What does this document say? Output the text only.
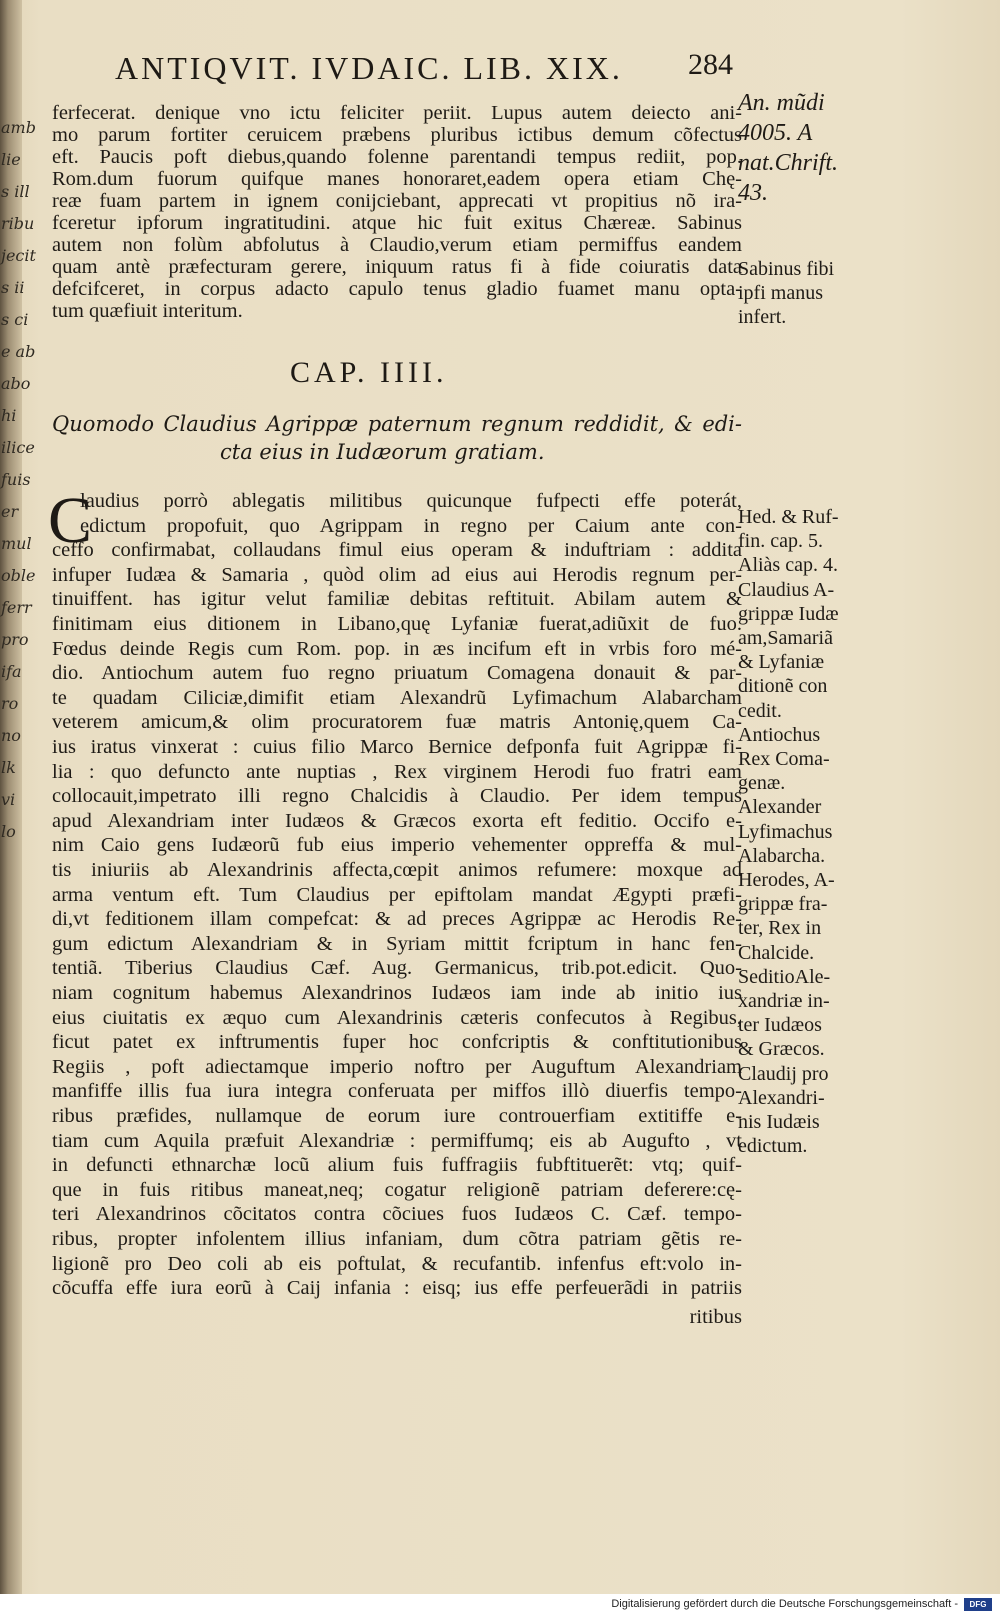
amb
lie
s ill
ribu
jecit
s ii
s ci
e ab
abo
hi
ilice
fuis
er
mul
oble
ferr
pro
ifa
ro
no
lk
vi
lo
ANTIQVIT. IVDAIC. LIB. XIX.	284
ferfecerat. denique vno ictu feliciter periit. Lupus autem deiecto ani-
mo parum fortiter ceruicem præbens pluribus ictibus demum cõfectus
eft. Paucis poft diebus,quando folenne parentandi tempus rediit, pop.
Rom.dum fuorum quifque manes honoraret,eadem opera etiam Chę-
reæ fuam partem in ignem conijciebant, apprecati vt propitius nõ ira-
fceretur ipforum ingratitudini. atque hic fuit exitus Chæreæ. Sabinus
autem non folùm abfolutus à Claudio,verum etiam permiffus eandem
quam antè præfecturam gerere, iniquum ratus fi à fide coiuratis data
defcifceret, in corpus adacto capulo tenus gladio fuamet manu opta-
tum quæfiuit interitum.
CAP. IIII.
Quomodo Claudius Agrippæ paternum regnum reddidit, & edi-
cta eius in Iudæorum gratiam.
C
laudius porrò ablegatis militibus quicunque fufpecti effe poterát,
edictum propofuit, quo Agrippam in regno per Caium ante con-
ceffo confirmabat, collaudans fimul eius operam & induftriam : addita
infuper Iudæa & Samaria , quòd olim ad eius aui Herodis regnum per-
tinuiffent. has igitur velut familiæ debitas reftituit. Abilam autem &
finitimam eius ditionem in Libano,quę Lyfaniæ fuerat,adiũxit de fuo.
Fœdus deinde Regis cum Rom. pop. in æs incifum eft in vrbis foro mé-
dio. Antiochum autem fuo regno priuatum Comagena donauit & par-
te quadam Ciliciæ,dimifit etiam Alexandrũ Lyfimachum Alabarcham
veterem amicum,& olim procuratorem fuæ matris Antonię,quem Ca-
ius iratus vinxerat : cuius filio Marco Bernice defponfa fuit Agrippæ fi-
lia : quo defuncto ante nuptias , Rex virginem Herodi fuo fratri eam
collocauit,impetrato illi regno Chalcidis à Claudio. Per idem tempus
apud Alexandriam inter Iudæos & Græcos exorta eft feditio. Occifo e-
nim Caio gens Iudæorũ fub eius imperio vehementer oppreffa & mul-
tis iniuriis ab Alexandrinis affecta,cœpit animos refumere: moxque ad
arma ventum eft. Tum Claudius per epiftolam mandat Ægypti præfi-
di,vt feditionem illam compefcat: & ad preces Agrippæ ac Herodis Re-
gum edictum Alexandriam & in Syriam mittit fcriptum in hanc fen-
tentiã. Tiberius Claudius Cæf. Aug. Germanicus, trib.pot.edicit. Quo-
niam cognitum habemus Alexandrinos Iudæos iam inde ab initio ius
eius ciuitatis ex æquo cum Alexandrinis cæteris confecutos à Regibus,
ficut patet ex inftrumentis fuper hoc confcriptis & conftitutionibus
Regiis , poft adiectamque imperio noftro per Auguftum Alexandriam
manfiffe illis fua iura integra conferuata per miffos illò diuerfis tempo-
ribus præfides, nullamque de eorum iure controuerfiam extitiffe e-
tiam cum Aquila præfuit Alexandriæ : permiffumq; eis ab Augufto , vt
in defuncti ethnarchæ locũ alium fuis fuffragiis fubftituerẽt: vtq; quif-
que in fuis ritibus maneat,neq; cogatur religionẽ patriam deferere:cę-
teri Alexandrinos cõcitatos contra cõciues fuos Iudæos C. Cæf. tempo-
ribus, propter infolentem illius infaniam, dum cõtra patriam gẽtis re-
ligionẽ pro Deo coli ab eis poftulat, & recufantib. infenfus eft:volo in-
cõcuffa effe iura eorũ à Caij infania : eisq; ius effe perfeuerãdi in patriis
ritibus
An. mũdi
4005. A
nat.Chrift.
43.
Sabinus fibi
ipfi manus
infert.
Hed. & Ruf-
fin. cap. 5.
Aliàs cap. 4.
Claudius A-
grippæ Iudæ
am,Samariã
& Lyfaniæ
ditionẽ con
cedit.
Antiochus
Rex Coma-
genæ.
Alexander
Lyfimachus
Alabarcha.
Herodes, A-
grippæ fra-
ter, Rex in
Chalcide.
SeditioAle-
xandriæ in-
ter Iudæos
& Græcos.
Claudij pro
Alexandri-
nis Iudæis
edictum.
Digitalisierung gefördert durch die Deutsche Forschungsgemeinschaft -	DFG
